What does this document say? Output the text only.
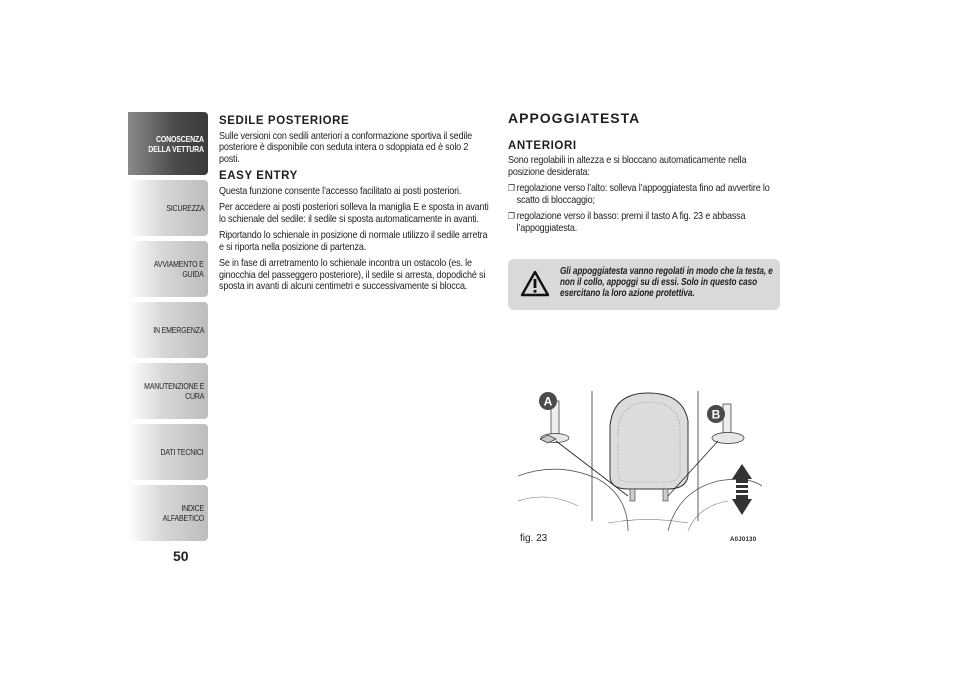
CONOSCENZA
DELLA VETTURA
SICUREZZA
AVVIAMENTO E
GUIDA
IN EMERGENZA
MANUTENZIONE E
CURA
DATI TECNICI
INDICE ALFABETICO
50
SEDILE POSTERIORE

Sulle versioni con sedili anteriori a conformazione sportiva il sedile posteriore è disponibile con seduta intera o sdoppiata ed è solo 2 posti.

EASY ENTRY

Questa funzione consente l’accesso facilitato ai posti posteriori.

Per accedere ai posti posteriori solleva la maniglia E e sposta in avanti lo schienale del sedile: il sedile si sposta automaticamente in avanti.

Riportando lo schienale in posizione di normale utilizzo il sedile arretra e si riporta nella posizione di partenza.

Se in fase di arretramento lo schienale incontra un ostacolo (es. le ginocchia del passeggero posteriore), il sedile si arresta, dopodiché si sposta in avanti di alcuni centimetri e successivamente si blocca.

APPOGGIATESTA
ANTERIORI

Sono regolabili in altezza e si bloccano automaticamente nella posizione desiderata:

❒ regolazione verso l’alto: solleva l’appoggiatesta fino ad avvertire lo scatto di bloccaggio;

❒ regolazione verso il basso: premi il tasto A fig. 23 e abbassa l’appoggiatesta.

Gli appoggiatesta vanno regolati in modo che la testa, e non il collo, appoggi su di essi. Solo in questo caso esercitano la loro azione protettiva.
A
B
fig. 23	A0J0130
